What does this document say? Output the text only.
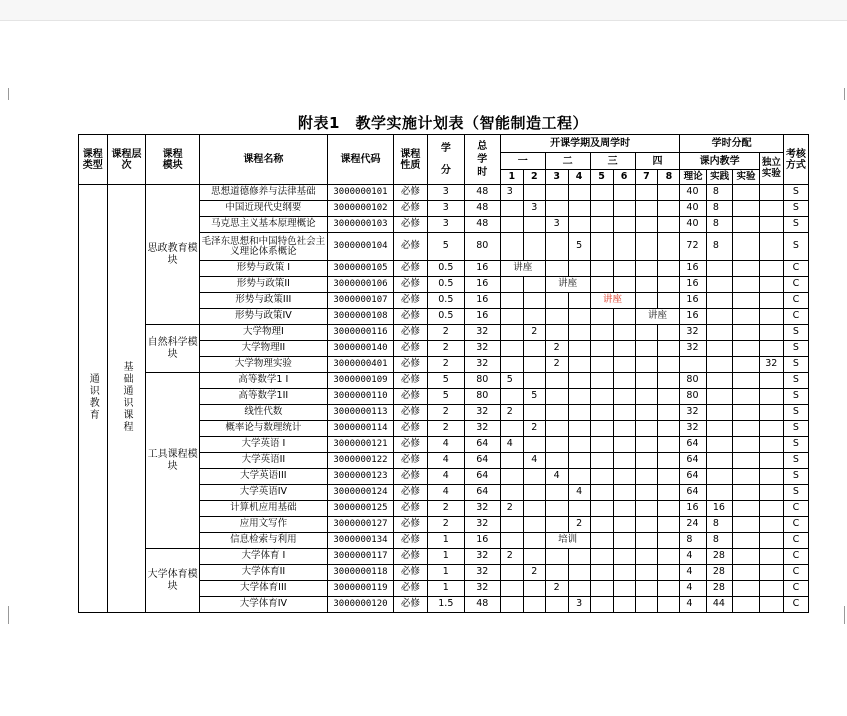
附表1　教学实施计划表（智能制造工程）
课程类型	课程层次	课程模块	课程名称	课程代码	课程性质	学分	总学时	开课学期及周学时								学时分配				考核方式
								一		二		三		四		课内教学			独立实验	
								1	2	3	4	5	6	7	8	理论	实践	实验		
通识教育	基础通识课程	思政教育模块	思想道德修养与法律基础	3000000101	必修	3	48	3								40	8			S
			中国近现代史纲要	3000000102	必修	3	48		3							40	8			S
			马克思主义基本原理概论	3000000103	必修	3	48			3						40	8			S
			毛泽东思想和中国特色社会主义理论体系概论	3000000104	必修	5	80				5					72	8			S
			形势与政策 I	3000000105	必修	0.5	16	讲座								16				C
			形势与政策II	3000000106	必修	0.5	16			讲座						16				C
			形势与政策III	3000000107	必修	0.5	16					讲座				16				C
			形势与政策IV	3000000108	必修	0.5	16							讲座		16				C
		自然科学模块	大学物理I	3000000116	必修	2	32		2							32				S
			大学物理II	3000000140	必修	2	32			2						32				S
			大学物理实验	3000000401	必修	2	32			2									32	S
		工具课程模块	高等数学1 I	3000000109	必修	5	80	5								80				S
			高等数学1II	3000000110	必修	5	80		5							80				S
			线性代数	3000000113	必修	2	32	2								32				S
			概率论与数理统计	3000000114	必修	2	32		2							32				S
			大学英语 I	3000000121	必修	4	64	4								64				S
			大学英语II	3000000122	必修	4	64		4							64				S
			大学英语III	3000000123	必修	4	64			4						64				S
			大学英语IV	3000000124	必修	4	64				4					64				S
			计算机应用基础	3000000125	必修	2	32	2								16	16			C
			应用文写作	3000000127	必修	2	32				2					24	8			C
			信息检索与利用	3000000134	必修	1	16			培训						8	8			C
		大学体育模块	大学体育 I	3000000117	必修	1	32	2								4	28			C
			大学体育II	3000000118	必修	1	32		2							4	28			C
			大学体育III	3000000119	必修	1	32			2						4	28			C
			大学体育IV	3000000120	必修	1.5	48				3					4	44			C
